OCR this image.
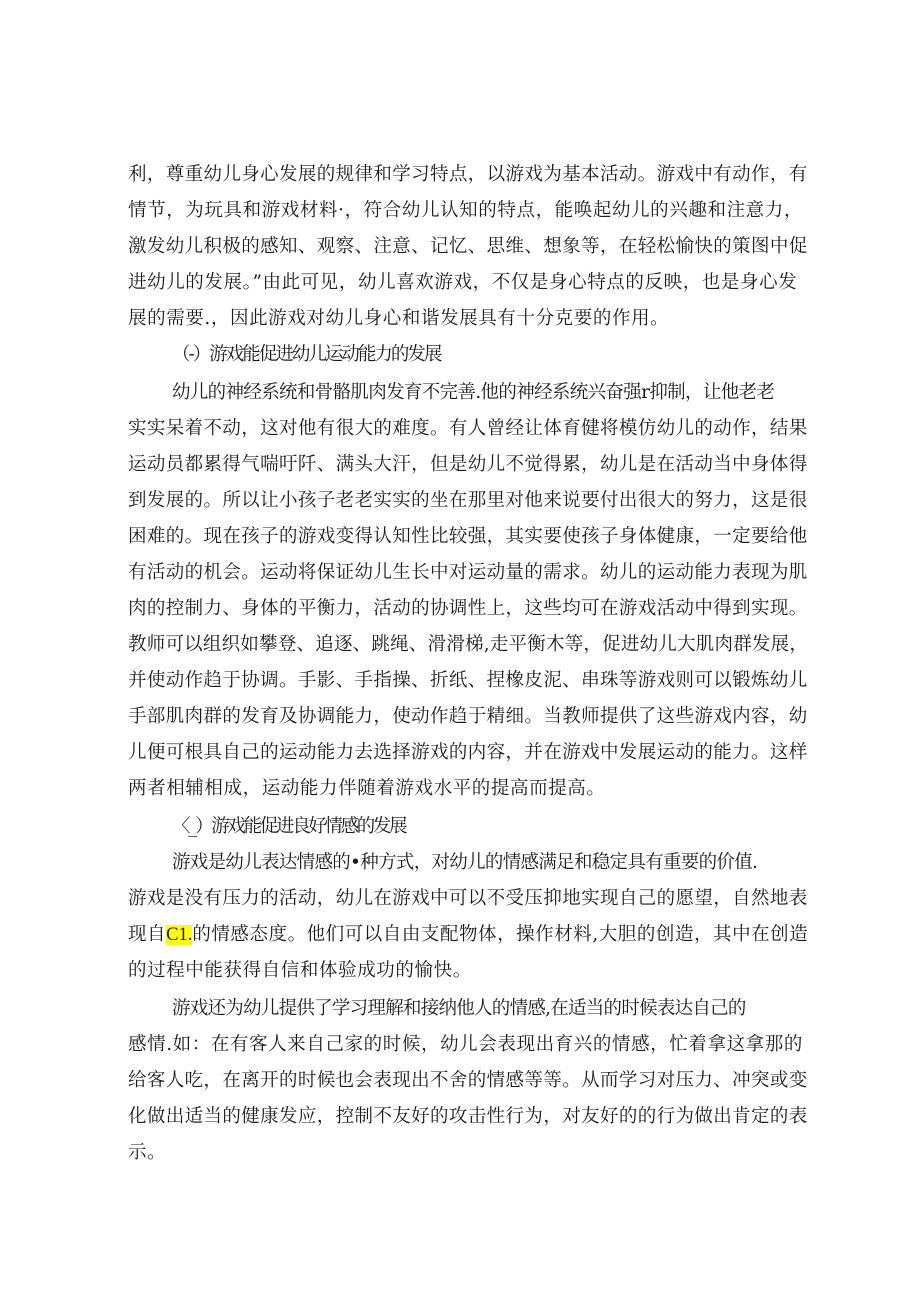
利，尊重幼儿身心发展的规律和学习特点，以游戏为基本活动。游戏中有动作，有
情节，为玩具和游戏材料·，符合幼儿认知的特点，能唤起幼儿的兴趣和注意力，
激发幼儿积极的感知、观察、注意、记忆、思维、想象等，在轻松愉快的策图中促
进幼儿的发展。”由此可见，幼儿喜欢游戏，不仅是身心特点的反映，也是身心发
展的需要.，因此游戏对幼儿身心和谐发展具有十分克要的作用。
（-）游戏能促进幼儿运动能力的发展
幼儿的神经系统和骨骼肌肉发育不完善.他的神经系统兴奋强r抑制，让他老老
实实呆着不动，这对他有很大的难度。有人曾经让体育健将模仿幼儿的动作，结果
运动员都累得气喘吁阡、满头大汗，但是幼儿不觉得累，幼儿是在活动当中身体得
到发展的。所以让小孩子老老实实的坐在那里对他来说要付出很大的努力，这是很
困难的。现在孩子的游戏变得认知性比较强，其实要使孩子身体健康，一定要给他
有活动的机会。运动将保证幼儿生长中对运动量的需求。幼儿的运动能力表现为肌
肉的控制力、身体的平衡力，活动的协调性上，这些均可在游戏活动中得到实现。
教师可以组织如攀登、追逐、跳绳、滑滑梯,走平衡木等，促进幼儿大肌肉群发展，
并使动作趋于协调。手影、手指操、折纸、捏橡皮泥、串珠等游戏则可以锻炼幼儿
手部肌肉群的发育及协调能力，使动作趋于精细。当教师提供了这些游戏内容，幼
儿便可根具自己的运动能力去选择游戏的内容，并在游戏中发展运动的能力。这样
两者相辅相成，运动能力伴随着游戏水平的提高而提高。
〈_）游戏能促进良好情感的发展
游戏是幼儿表达情感的•种方式，对幼儿的情感满足和稳定具有重要的价值.
游戏是没有压力的活动，幼儿在游戏中可以不受压抑地实现自己的愿望，自然地表
现自C1.的情感态度。他们可以自由支配物体，操作材料,大胆的创造，其中在创造
的过程中能获得自信和体验成功的愉快。
游戏还为幼儿提供了学习理解和接纳他人的情感,在适当的时候表达自己的
感情.如：在有客人来自己家的时候，幼儿会表现出育兴的情感，忙着拿这拿那的
给客人吃，在离开的时候也会表现出不舍的情感等等。从而学习对压力、冲突或变
化做出适当的健康发应，控制不友好的攻击性行为，对友好的的行为做出肯定的表
示。
